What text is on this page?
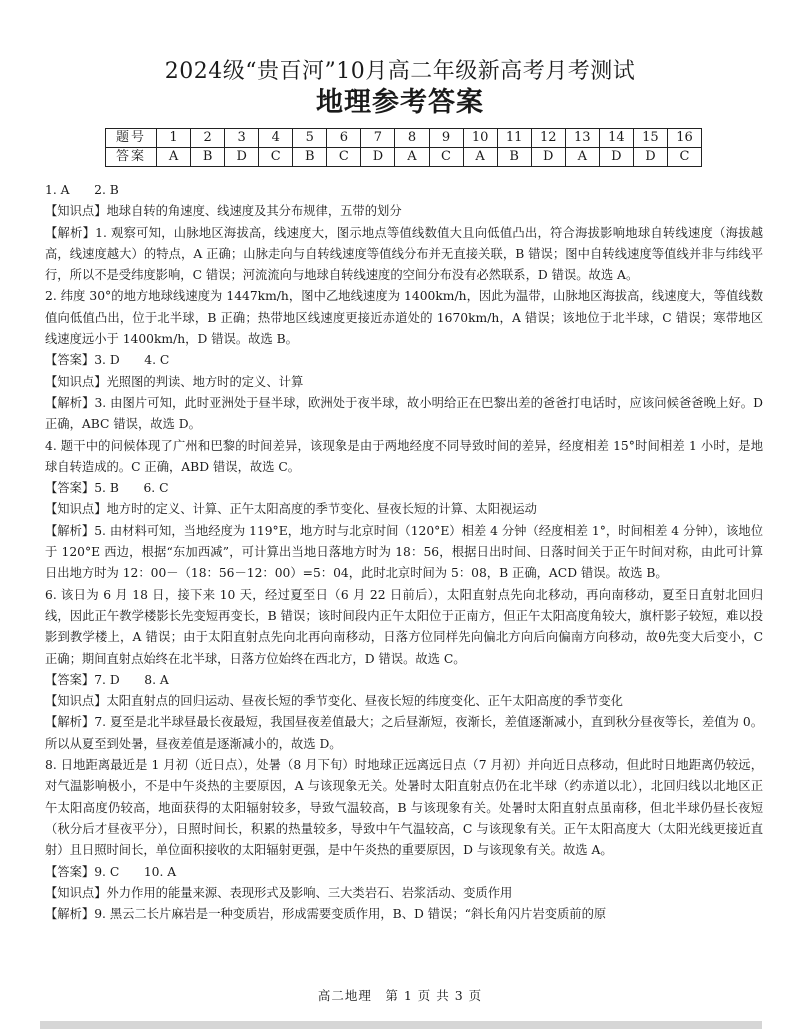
2024级“贵百河”10月高二年级新高考月考测试
地理参考答案
题号	1	2	3	4	5	6	7	8	9	10	11	12	13	14	15	16
答案	A	B	D	C	B	C	D	A	C	A	B	D	A	D	D	C

1. A　　2. B

【知识点】地球自转的角速度、线速度及其分布规律，五带的划分

【解析】1. 观察可知，山脉地区海拔高，线速度大，图示地点等值线数值大且向低值凸出，符合海拔影响地球自转线速度（海拔越高，线速度越大）的特点，A 正确；山脉走向与自转线速度等值线分布并无直接关联，B 错误；图中自转线速度等值线并非与纬线平行，所以不是受纬度影响，C 错误；河流流向与地球自转线速度的空间分布没有必然联系，D 错误。故选 A。

2. 纬度 30°的地方地球线速度为 1447km/h，图中乙地线速度为 1400km/h，因此为温带，山脉地区海拔高，线速度大，等值线数值向低值凸出，位于北半球，B 正确；热带地区线速度更接近赤道处的 1670km/h，A 错误；该地位于北半球，C 错误；寒带地区线速度远小于 1400km/h，D 错误。故选 B。

【答案】3. D　　4. C

【知识点】光照图的判读、地方时的定义、计算

【解析】3. 由图片可知，此时亚洲处于昼半球，欧洲处于夜半球，故小明给正在巴黎出差的爸爸打电话时，应该问候爸爸晚上好。D 正确，ABC 错误，故选 D。

4. 题干中的问候体现了广州和巴黎的时间差异，该现象是由于两地经度不同导致时间的差异，经度相差 15°时间相差 1 小时，是地球自转造成的。C 正确，ABD 错误，故选 C。

【答案】5. B　　6. C

【知识点】地方时的定义、计算、正午太阳高度的季节变化、昼夜长短的计算、太阳视运动

【解析】5. 由材料可知，当地经度为 119°E，地方时与北京时间（120°E）相差 4 分钟（经度相差 1°，时间相差 4 分钟），该地位于 120°E 西边，根据“东加西减”，可计算出当地日落地方时为 18：56，根据日出时间、日落时间关于正午时间对称，由此可计算日出地方时为 12：00－（18：56－12：00）=5：04，此时北京时间为 5：08，B 正确，ACD 错误。故选 B。

6. 该日为 6 月 18 日，接下来 10 天，经过夏至日（6 月 22 日前后），太阳直射点先向北移动，再向南移动，夏至日直射北回归线，因此正午教学楼影长先变短再变长，B 错误；该时间段内正午太阳位于正南方，但正午太阳高度角较大，旗杆影子较短，难以投影到教学楼上，A 错误；由于太阳直射点先向北再向南移动，日落方位同样先向偏北方向后向偏南方向移动，故θ先变大后变小，C 正确；期间直射点始终在北半球，日落方位始终在西北方，D 错误。故选 C。

【答案】7. D　　8. A

【知识点】太阳直射点的回归运动、昼夜长短的季节变化、昼夜长短的纬度变化、正午太阳高度的季节变化

【解析】7. 夏至是北半球昼最长夜最短，我国昼夜差值最大；之后昼渐短，夜渐长，差值逐渐减小，直到秋分昼夜等长，差值为 0。所以从夏至到处暑，昼夜差值是逐渐减小的，故选 D。

8. 日地距离最近是 1 月初（近日点），处暑（8 月下旬）时地球正远离远日点（7 月初）并向近日点移动，但此时日地距离仍较远，对气温影响极小，不是中午炎热的主要原因，A 与该现象无关。处暑时太阳直射点仍在北半球（约赤道以北），北回归线以北地区正午太阳高度仍较高，地面获得的太阳辐射较多，导致气温较高，B 与该现象有关。处暑时太阳直射点虽南移，但北半球仍昼长夜短（秋分后才昼夜平分），日照时间长，积累的热量较多，导致中午气温较高，C 与该现象有关。正午太阳高度大（太阳光线更接近直射）且日照时间长，单位面积接收的太阳辐射更强，是中午炎热的重要原因，D 与该现象有关。故选 A。

【答案】9. C　　10. A

【知识点】外力作用的能量来源、表现形式及影响、三大类岩石、岩浆活动、变质作用

【解析】9. 黑云二长片麻岩是一种变质岩，形成需要变质作用，B、D 错误；“斜长角闪片岩变质前的原

高二地理　第 1 页 共 3 页
